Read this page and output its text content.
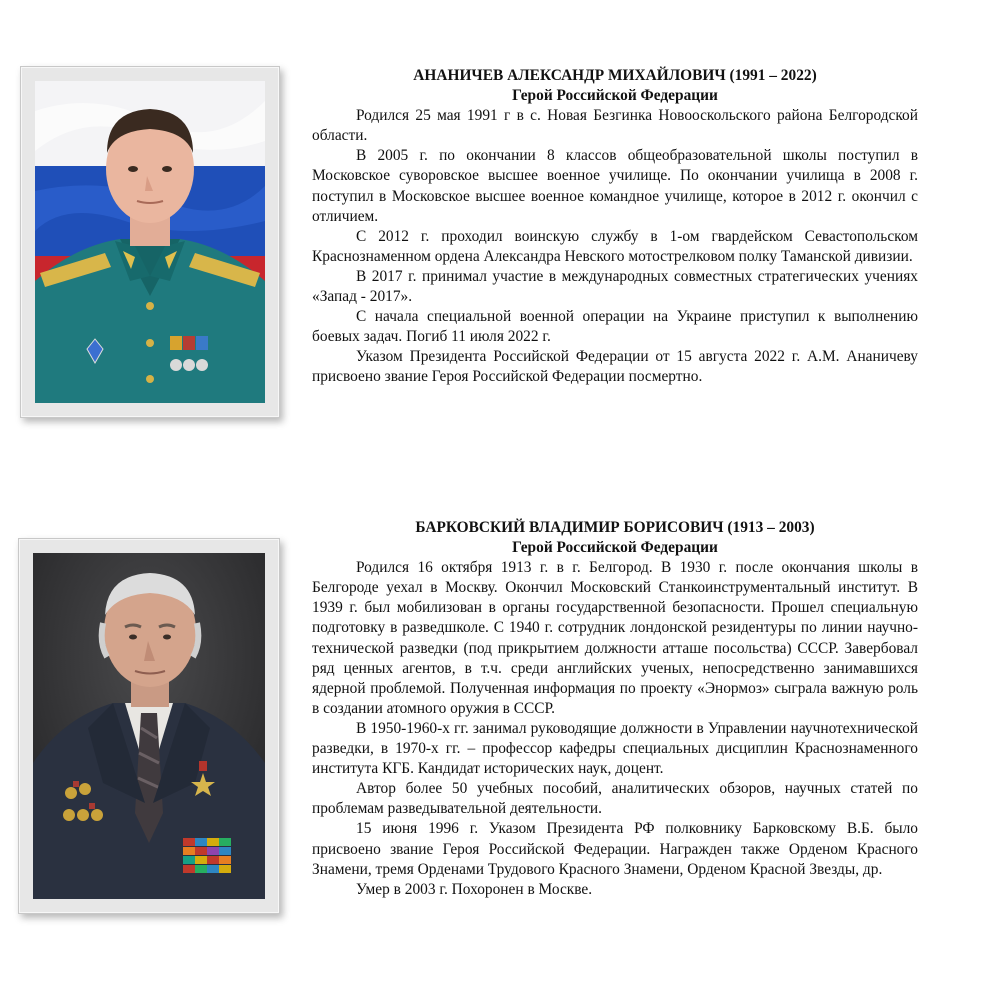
АНАНИЧЕВ АЛЕКСАНДР МИХАЙЛОВИЧ (1991 – 2022)

Герой Российской Федерации

Родился 25 мая 1991 г в с. Новая Безгинка Новооскольского района Белгородской области.

В 2005 г. по окончании 8 классов общеобразовательной школы поступил в Московское суворовское высшее военное училище. По окончании училища в 2008 г. поступил в Московское высшее военное командное училище, которое в 2012 г. окончил с отличием.

С 2012 г. проходил воинскую службу в 1-ом гвардейском Севастопольском Краснознаменном ордена Александра Невского мотострелковом полку Таманской дивизии.

В 2017 г. принимал участие в международных совместных стратегических учениях «Запад - 2017».

С начала специальной военной операции на Украине приступил к выполнению боевых задач. Погиб 11 июля 2022 г.

Указом Президента Российской Федерации от 15 августа 2022 г. А.М. Ананичеву присвоено звание Героя Российской Федерации посмертно.

БАРКОВСКИЙ ВЛАДИМИР БОРИСОВИЧ (1913 – 2003)

Герой Российской Федерации

Родился 16 октября 1913 г. в г. Белгород. В 1930 г. после окончания школы в Белгороде уехал в Москву. Окончил Московский Станкоинструментальный институт. В 1939 г. был мобилизован в органы государственной безопасности. Прошел специальную подготовку в разведшколе. С 1940 г. сотрудник лондонской резидентуры по линии научно-технической разведки (под прикрытием должности атташе посольства) СССР. Завербовал ряд ценных агентов, в т.ч. среди английских ученых, непосредственно занимавшихся ядерной проблемой. Полученная информация по проекту «Энормоз» сыграла важную роль в создании атомного оружия в СССР.

В 1950-1960-х гг. занимал руководящие должности в Управлении научнотехнической разведки, в 1970-х гг. – профессор кафедры специальных дисциплин Краснознаменного института КГБ. Кандидат исторических наук, доцент.

Автор более 50 учебных пособий, аналитических обзоров, научных статей по проблемам разведывательной деятельности.

15 июня 1996 г. Указом Президента РФ полковнику Барковскому В.Б. было присвоено звание Героя Российской Федерации. Награжден также Орденом Красного Знамени, тремя Орденами Трудового Красного Знамени, Орденом Красной Звезды, др.

Умер в 2003 г. Похоронен в Москве.
